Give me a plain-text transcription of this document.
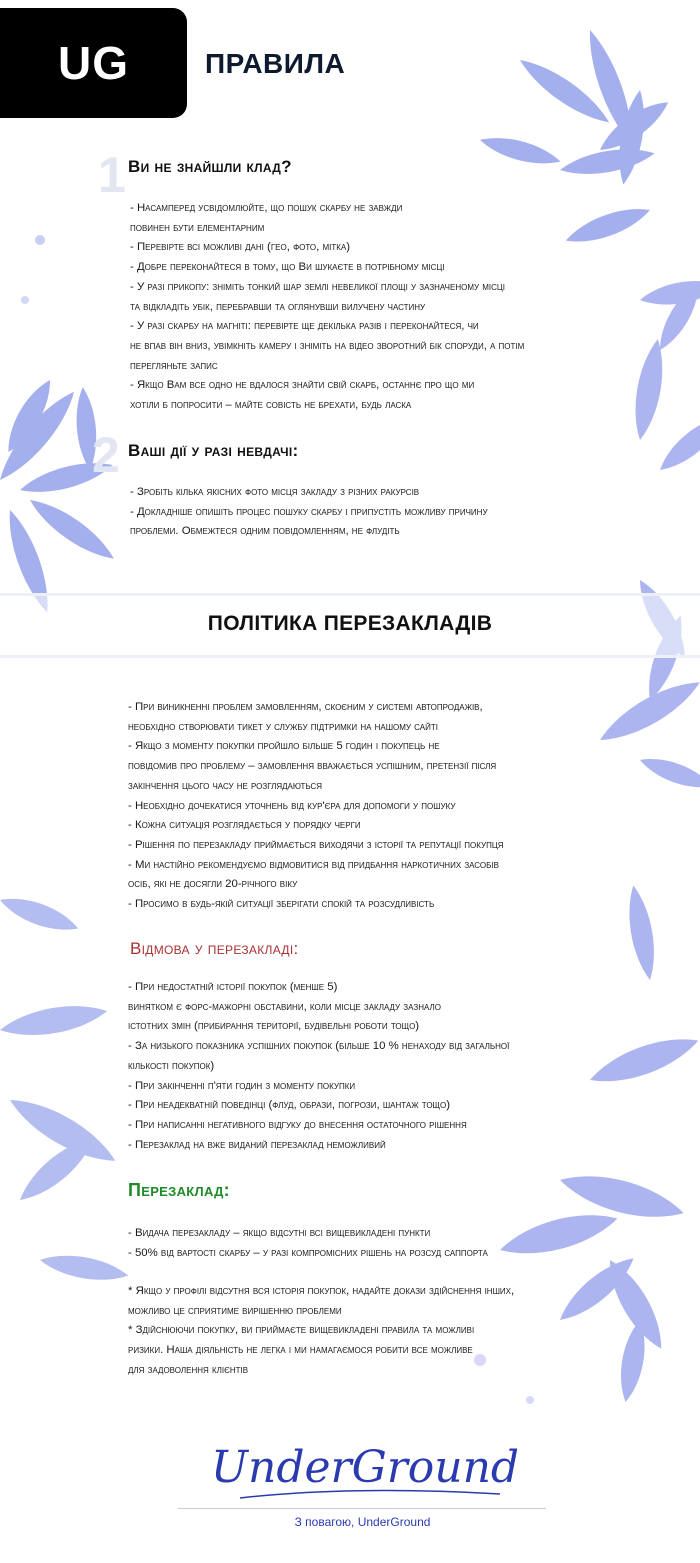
UG	ПРАВИЛА
1 Ви не знайшли клад?
- Насамперед усвідомлюйте, що пошук скарбу не завжди
повинен бути елементарним
- Перевірте всі можливі дані (гео, фото, мітка)
- Добре переконайтеся в тому, що Ви шукаєте в потрібному місці
- У разі прикопу: зніміть тонкий шар землі невеликої площі у зазначеному місці
та відкладіть убік, перебравши та оглянувши вилучену частину
- У разі скарбу на магніті: перевірте ще декілька разів і переконайтеся, чи
не впав він вниз, увімкніть камеру і зніміть на відео зворотний бік споруди, а потім
перегляньте запис
- Якщо Вам все одно не вдалося знайти свій скарб, останнє про що ми
хотіли б попросити – майте совість не брехати, будь ласка
2 Ваші дії у разі невдачі:
- Зробіть кілька якісних фото місця закладу з різних ракурсів
- Докладніше опишіть процес пошуку скарбу і припустіть можливу причину
проблеми. Обмежтеся одним повідомленням, не флудіть
ПОЛІТИКА ПЕРЕЗАКЛАДІВ
- При виникненні проблем замовленням, скоєним у системі автопродажів,
необхідно створювати тикет у службу підтримки на нашому сайті
- Якщо з моменту покупки пройшло більше 5 годин і покупець не
повідомив про проблему – замовлення вважається успішним, претензії після
закінчення цього часу не розглядаються
- Необхідно дочекатися уточнень від кур'єра для допомоги у пошуку
- Кожна ситуація розглядається у порядку черги
- Рішення по перезакладу приймається виходячи з історії та репутації покупця
- Ми настійно рекомендуємо відмовитися від придбання наркотичних засобів
осіб, які не досягли 20-річного віку
- Просимо в будь-якій ситуації зберігати спокій та розсудливість
Відмова у перезакладі:
- При недостатній історії покупок (менше 5)
винятком є форс-мажорні обставини, коли місце закладу зазнало
істотних змін (прибирання території, будівельні роботи тощо)
- За низького показника успішних покупок (більше 10 % ненаходу від загальної
кількості покупок)
- При закінченні п'яти годин з моменту покупки
- При неадекватній поведінці (флуд, образи, погрози, шантаж тощо)
- При написанні негативного відгуку до внесення остаточного рішення
- Перезаклад на вже виданий перезаклад неможливий
Перезаклад:
- Видача перезакладу – якщо відсутні всі вищевикладені пункти
- 50% від вартості скарбу – у разі компромісних рішень на розсуд саппорта
* Якщо у профілі відсутня вся історія покупок, надайте докази здійснення інших,
можливо це сприятиме вирішенню проблеми
* Здійснюючи покупку, ви приймаєте вищевикладені правила та можливі
ризики. Наша діяльність не легка і ми намагаємося робити все можливе
для задоволення клієнтів
UnderGround
З повагою, UnderGround
